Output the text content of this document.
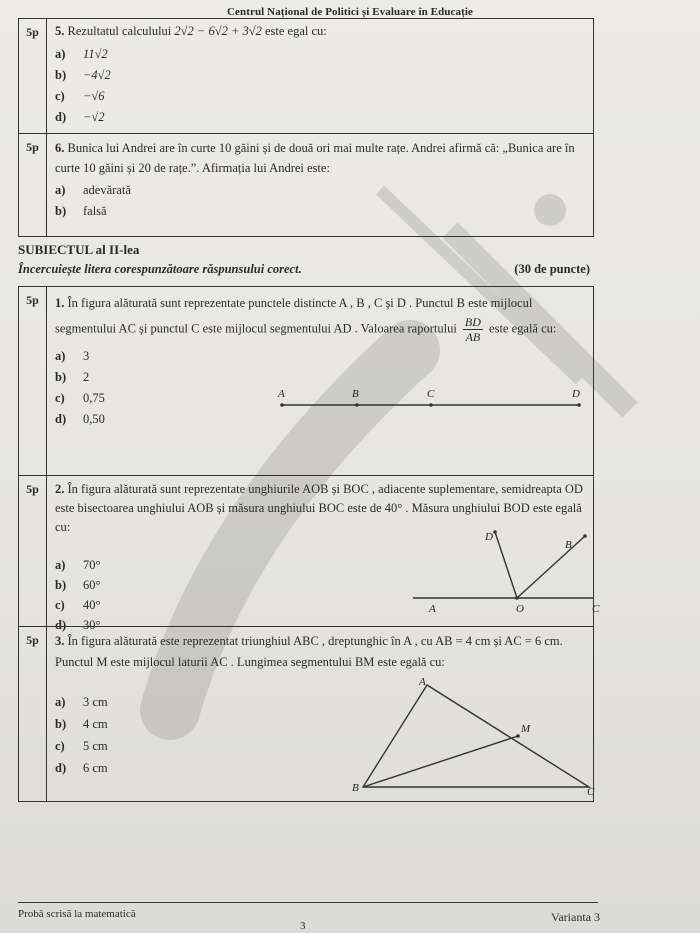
Centrul Național de Politici și Evaluare în Educație
5p	5. Rezultatul calculului 2√2 − 6√2 + 3√2 este egal cu:

a)	11√2
b)	−4√2
c)	−√6
d)	−√2
5p	6. Bunica lui Andrei are în curte 10 găini și de două ori mai multe rațe. Andrei afirmă că: „Bunica are în curte 10 găini și 20 de rațe.”. Afirmația lui Andrei este:

a)	adevărată
b)	falsă
SUBIECTUL al II-lea
Încercuiește litera corespunzătoare răspunsului corect.	(30 de puncte)
5p	1. În figura alăturată sunt reprezentate punctele distincte A , B , C și D . Punctul B este mijlocul segmentului AC și punctul C este mijlocul segmentului AD . Valoarea raportului $\frac{BD}{AB}$ este egală cu:

a)	3
b)	2
c)	0,75
d)	0,50
A	B	C	D
5p	2. În figura alăturată sunt reprezentate unghiurile AOB și BOC , adiacente suplementare, semidreapta OD este bisectoarea unghiului AOB și măsura unghiului BOC este de 40° . Măsura unghiului BOD este egală cu:

a)	70°
b)	60°
c)	40°
d)	30°
D
B
A	O	C
5p	3. În figura alăturată este reprezentat triunghiul ABC , dreptunghic în A , cu AB = 4 cm și AC = 6 cm. Punctul M este mijlocul laturii AC . Lungimea segmentului BM este egală cu:

a)	3 cm
b)	4 cm
c)	5 cm
d)	6 cm
A
M
B	C
Probă scrisă la matematică	Varianta 3
3
